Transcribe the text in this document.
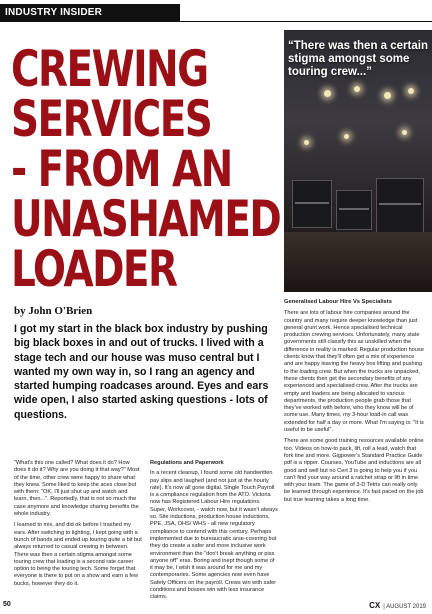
INDUSTRY INSIDER
CREWING
SERVICES
- FROM AN
UNASHAMED
LOADER
by John O'Brien
I got my start in the black box industry by pushing big black boxes in and out of trucks. I lived with a stage tech and our house was muso central but I wanted my own way in, so I rang an agency and started humping roadcases around. Eyes and ears wide open, I also started asking questions - lots of questions.

"What's this one called? What does it do? How does it do it? Why are you doing it that way?" Most of the time, other crew were happy to share what they knew. Some liked to keep the aces close but with them: "OK, I'll just shut up and watch and learn, then...". Reportedly, that is not so much the case anymore and knowledge sharing benefits the whole industry.

I learned to mix, and did ok before I trashed my ears. After switching to lighting, I kept going with a bunch of bands and ended up touring quite a bit but always returned to casual crewing in between. There was then a certain stigma amongst some touring crew that loading is a second rate career option to being the touring tech. Some forget that everyone is there to put on a show and earn a few bucks, however they do it.

Regulations and Paperwork

In a recent cleanup, I found some old handwritten pay slips and laughed (and not just at the hourly rate). It's now all gone digital. Single Touch Payroll is a compliance regulation from the ATO. Victoria now has Registered Labour Hire regulations. Super, Workcover, - watch now, but it wasn't always so. Site inductions, production house inductions, PPE, JSA, OHS/ WHS - all new regulatory compliance to contend with this century. Perhaps implemented due to bureaucratic arse-covering but they do create a safer and more inclusive work environment than the "don't break anything or piss anyone off" eras. Boring and inept though some of it may be, I wish it was around for me and my contemporaries. Some agencies now even have Safety Officers on the payroll. Crews win with safer conditions and bosses win with less insurance claims.

“There was then a certain stigma amongst some touring crew...”
Generalised Labour Hire Vs Specialists

There are lots of labour hire companies around the country and many require deeper knowledge than just general grunt work. Hence specialised technical production crewing services. Unfortunately, many state governments still classify this as unskilled when the difference in reality is marked. Regular production house clients know that they'll often get a mix of experience and are happy leaving the heavy box lifting and pushing to the loading crew. But when the trucks are unpacked, these clients then get the secondary benefits of any experienced and specialised crew. After the trucks are empty and loaders are being allocated to various departments, the production people grab those that they've worked with before, who they know will be of some use. Many times, my 3-hour load-in call was extended for half a day or more. What I'm saying is: "It is useful to be useful".

There are some good training resources available online too. Videos on how-to pack, lift, roll a lead, watch that fork tine and more. Gigpower's Standard Practice Guide pdf is a ripper. Courses, YouTube and inductions are all good and well but no Cert 3 is going to help you if you can't find your way around a ratchet strap or lift in time with your team. The game of 3-D Tetris can really only be learned through experience. It's fast paced on the job but true learning takes a long time.

50	CX | AUGUST 2019
